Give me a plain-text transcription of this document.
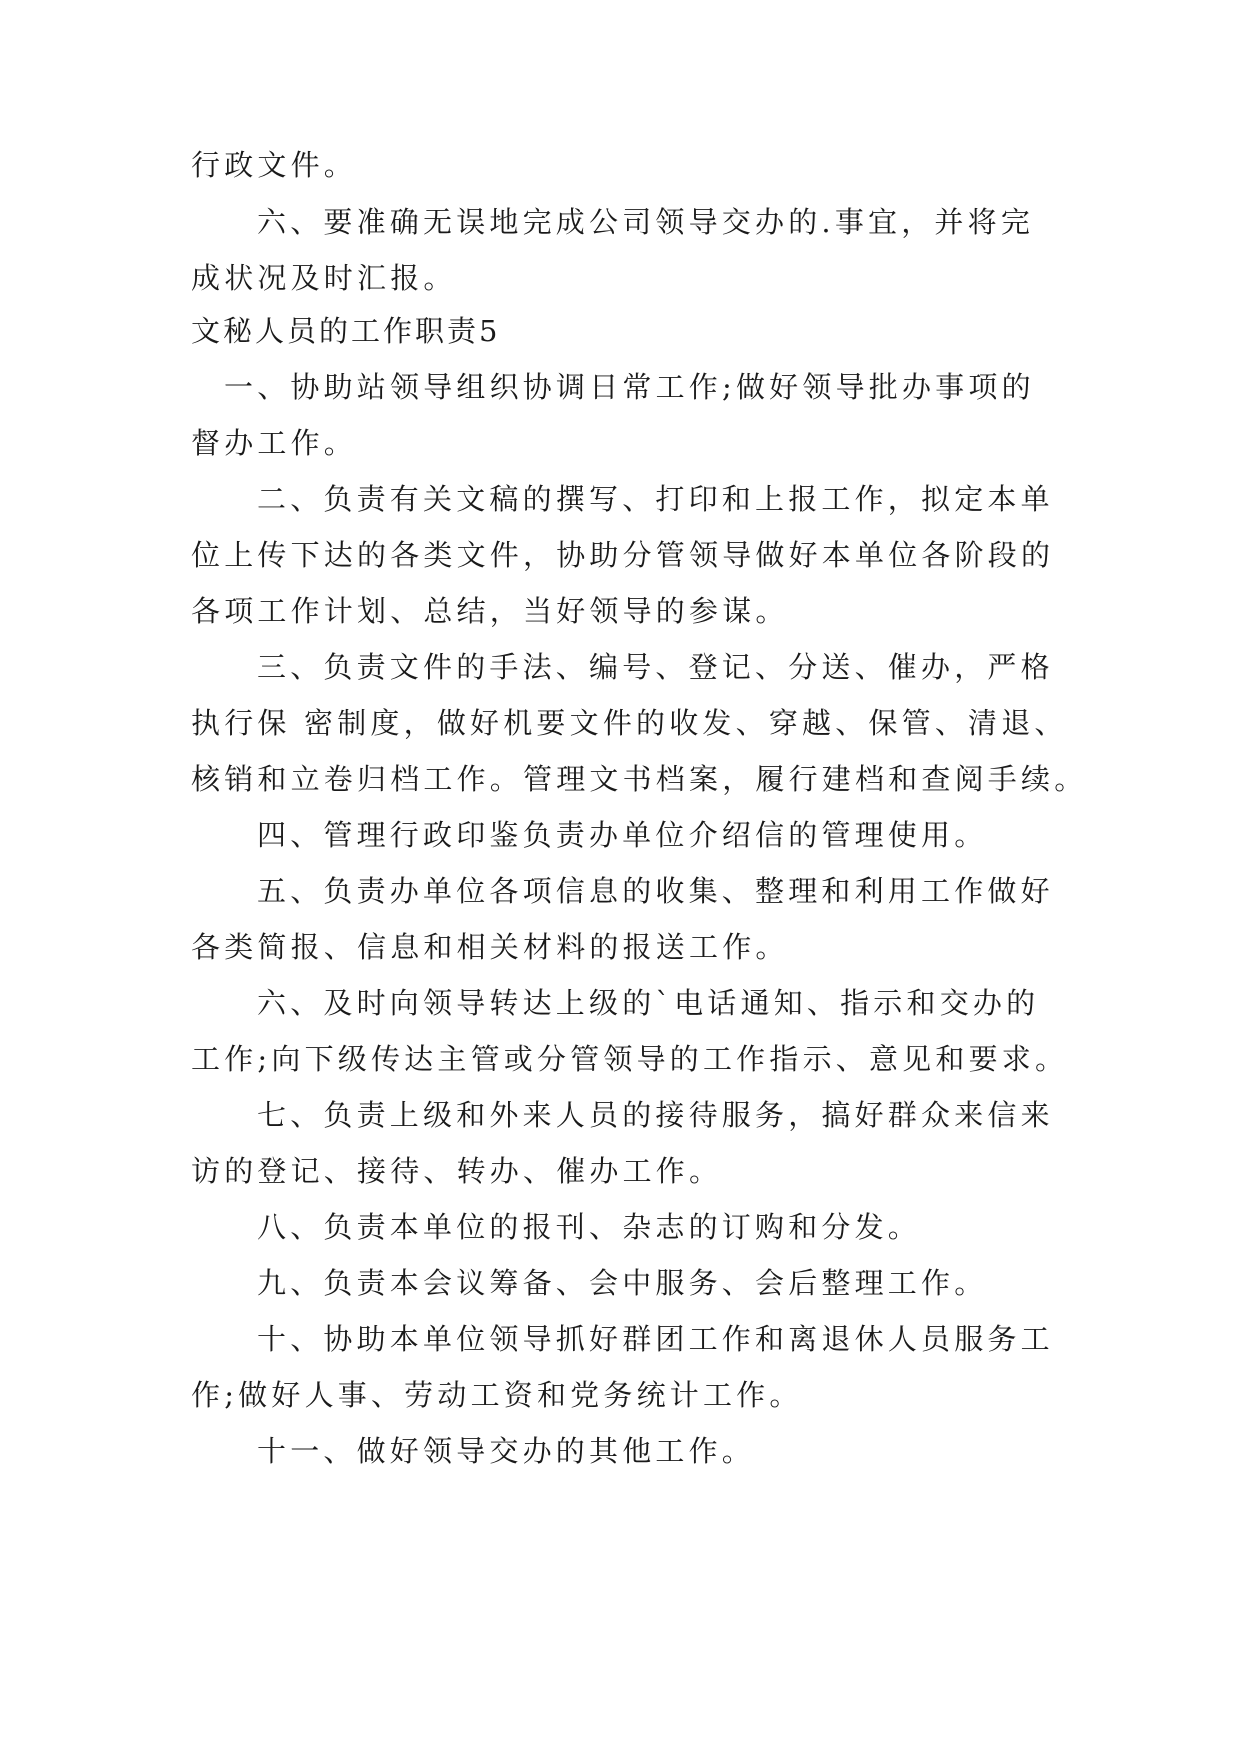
行政文件。
六、要准确无误地完成公司领导交办的.事宜，并将完
成状况及时汇报。
文秘人员的工作职责5
一、协助站领导组织协调日常工作;做好领导批办事项的
督办工作。
二、负责有关文稿的撰写、打印和上报工作，拟定本单
位上传下达的各类文件，协助分管领导做好本单位各阶段的
各项工作计划、总结，当好领导的参谋。
三、负责文件的手法、编号、登记、分送、催办，严格
执行保 密制度，做好机要文件的收发、穿越、保管、清退、
核销和立卷归档工作。管理文书档案，履行建档和查阅手续。
四、管理行政印鉴负责办单位介绍信的管理使用。
五、负责办单位各项信息的收集、整理和利用工作做好
各类简报、信息和相关材料的报送工作。
六、及时向领导转达上级的`电话通知、指示和交办的
工作;向下级传达主管或分管领导的工作指示、意见和要求。
七、负责上级和外来人员的接待服务，搞好群众来信来
访的登记、接待、转办、催办工作。
八、负责本单位的报刊、杂志的订购和分发。
九、负责本会议筹备、会中服务、会后整理工作。
十、协助本单位领导抓好群团工作和离退休人员服务工
作;做好人事、劳动工资和党务统计工作。
十一、做好领导交办的其他工作。
